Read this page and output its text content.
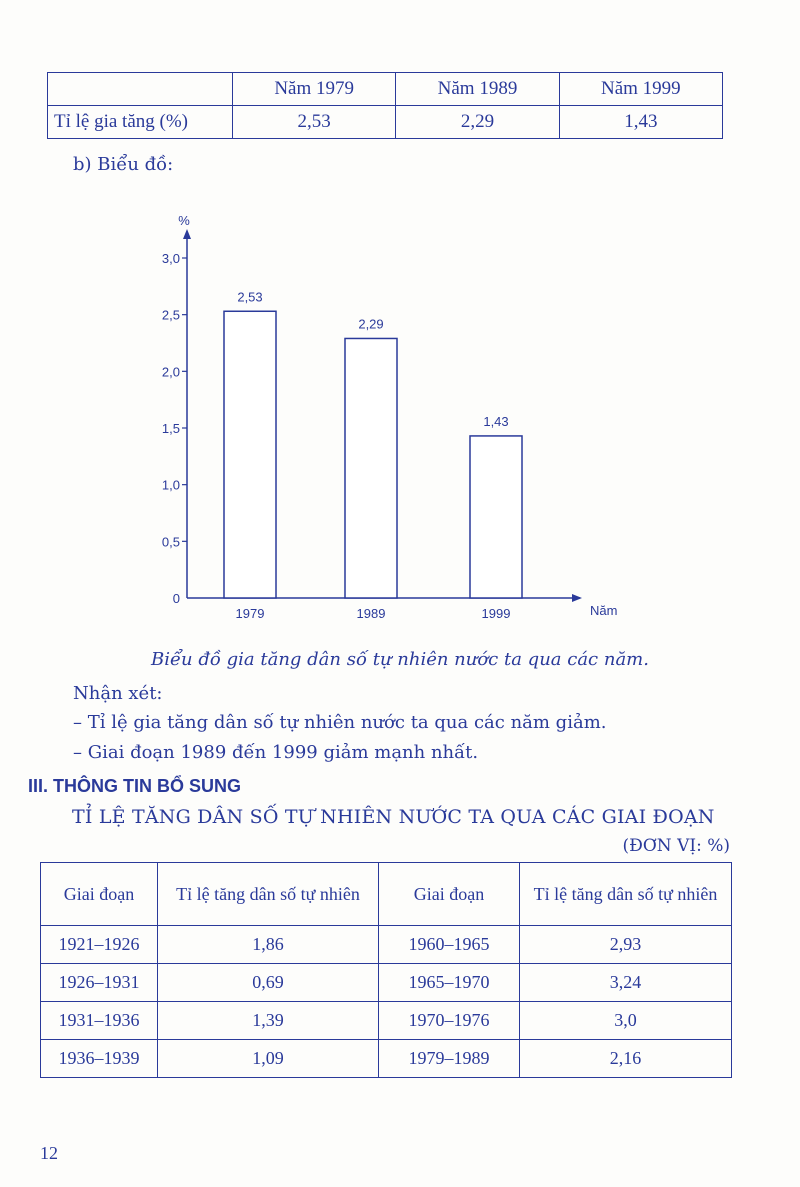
	Năm 1979	Năm 1989	Năm 1999
Tỉ lệ gia tăng (%)	2,53	2,29	1,43
b) Biểu đồ:
%
Năm
0
0,5
1,0
1,5
2,0
2,5
3,0
2,53
1979
2,29
1989
1,43
1999
Biểu đồ gia tăng dân số tự nhiên nước ta qua các năm.
Nhận xét:
– Tỉ lệ gia tăng dân số tự nhiên nước ta qua các năm giảm.
– Giai đoạn 1989 đến 1999 giảm mạnh nhất.
III. THÔNG TIN BỔ SUNG
TỈ LỆ TĂNG DÂN SỐ TỰ NHIÊN NƯỚC TA QUA CÁC GIAI ĐOẠN
(ĐƠN VỊ: %)
Giai đoạn	Tỉ lệ tăng dân số tự nhiên	Giai đoạn	Tỉ lệ tăng dân số tự nhiên
1921–1926	1,86	1960–1965	2,93
1926–1931	0,69	1965–1970	3,24
1931–1936	1,39	1970–1976	3,0
1936–1939	1,09	1979–1989	2,16
12
